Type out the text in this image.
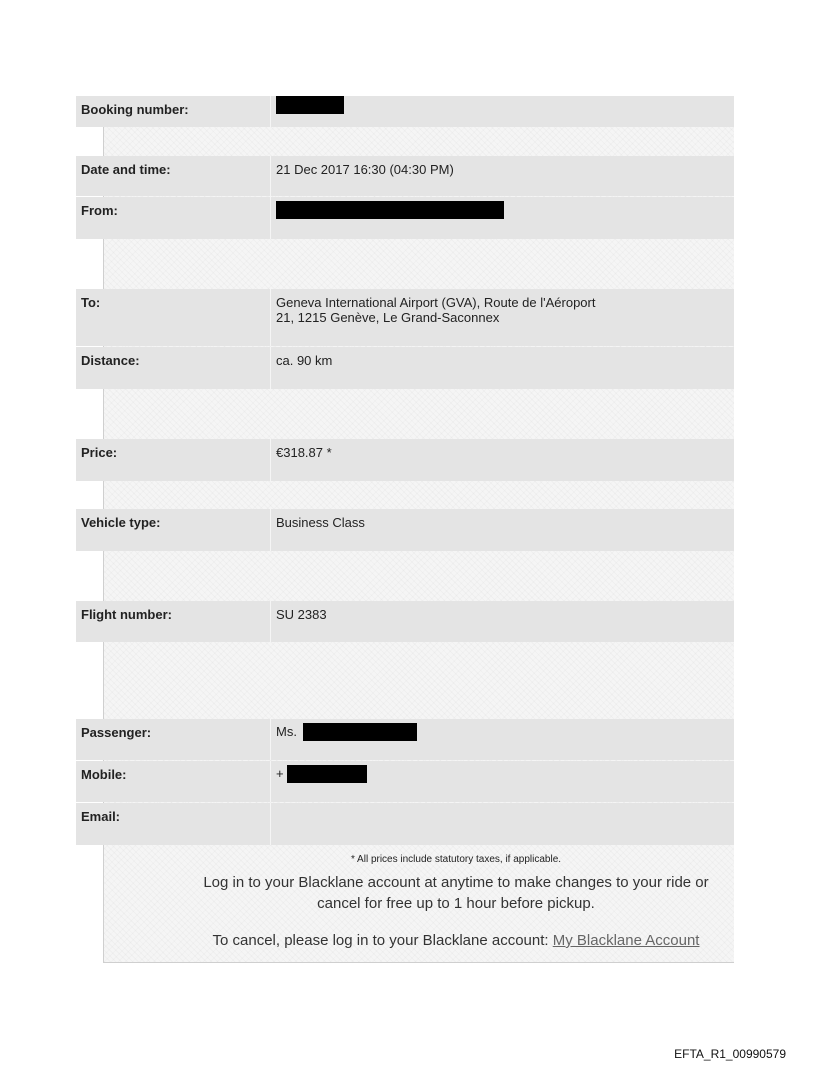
Booking number:
Date and time:	21 Dec 2017 16:30 (04:30 PM)
From:
To:	Geneva International Airport (GVA), Route de l'Aéroport
21, 1215 Genève, Le Grand-Saconnex
Distance:	ca. 90 km
Price:	€318.87 *
Vehicle type:	Business Class
Flight number:	SU 2383
Passenger:	Ms.
Mobile:	+
Email:
* All prices include statutory taxes, if applicable.
Log in to your Blacklane account at anytime to make changes to your ride or
cancel for free up to 1 hour before pickup.
To cancel, please log in to your Blacklane account: My Blacklane Account
EFTA_R1_00990579
